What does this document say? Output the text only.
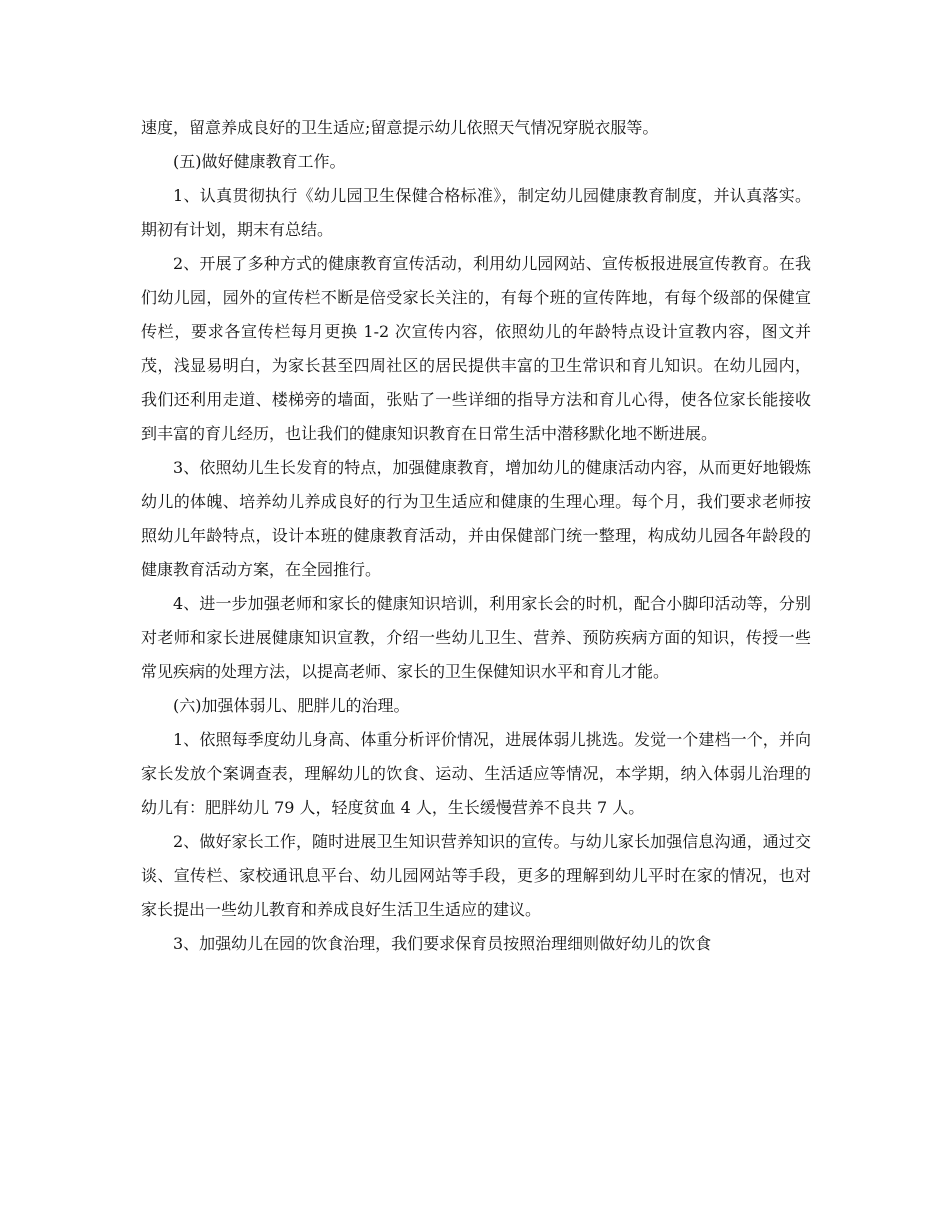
速度，留意养成良好的卫生适应;留意提示幼儿依照天气情况穿脱衣服等。

(五)做好健康教育工作。

1、认真贯彻执行《幼儿园卫生保健合格标准》，制定幼儿园健康教育制度，并认真落实。期初有计划，期末有总结。

2、开展了多种方式的健康教育宣传活动，利用幼儿园网站、宣传板报进展宣传教育。在我们幼儿园，园外的宣传栏不断是倍受家长关注的，有每个班的宣传阵地，有每个级部的保健宣传栏，要求各宣传栏每月更换 1-2 次宣传内容，依照幼儿的年龄特点设计宣教内容，图文并茂，浅显易明白，为家长甚至四周社区的居民提供丰富的卫生常识和育儿知识。在幼儿园内，我们还利用走道、楼梯旁的墙面，张贴了一些详细的指导方法和育儿心得，使各位家长能接收到丰富的育儿经历，也让我们的健康知识教育在日常生活中潜移默化地不断进展。

3、依照幼儿生长发育的特点，加强健康教育，增加幼儿的健康活动内容，从而更好地锻炼幼儿的体魄、培养幼儿养成良好的行为卫生适应和健康的生理心理。每个月，我们要求老师按照幼儿年龄特点，设计本班的健康教育活动，并由保健部门统一整理，构成幼儿园各年龄段的健康教育活动方案，在全园推行。

4、进一步加强老师和家长的健康知识培训，利用家长会的时机，配合小脚印活动等，分别对老师和家长进展健康知识宣教，介绍一些幼儿卫生、营养、预防疾病方面的知识，传授一些常见疾病的处理方法，以提高老师、家长的卫生保健知识水平和育儿才能。

(六)加强体弱儿、肥胖儿的治理。

1、依照每季度幼儿身高、体重分析评价情况，进展体弱儿挑选。发觉一个建档一个，并向家长发放个案调查表，理解幼儿的饮食、运动、生活适应等情况，本学期，纳入体弱儿治理的幼儿有：肥胖幼儿 79 人，轻度贫血 4 人，生长缓慢营养不良共 7 人。

2、做好家长工作，随时进展卫生知识营养知识的宣传。与幼儿家长加强信息沟通，通过交谈、宣传栏、家校通讯息平台、幼儿园网站等手段，更多的理解到幼儿平时在家的情况，也对家长提出一些幼儿教育和养成良好生活卫生适应的建议。

3、加强幼儿在园的饮食治理，我们要求保育员按照治理细则做好幼儿的饮食
